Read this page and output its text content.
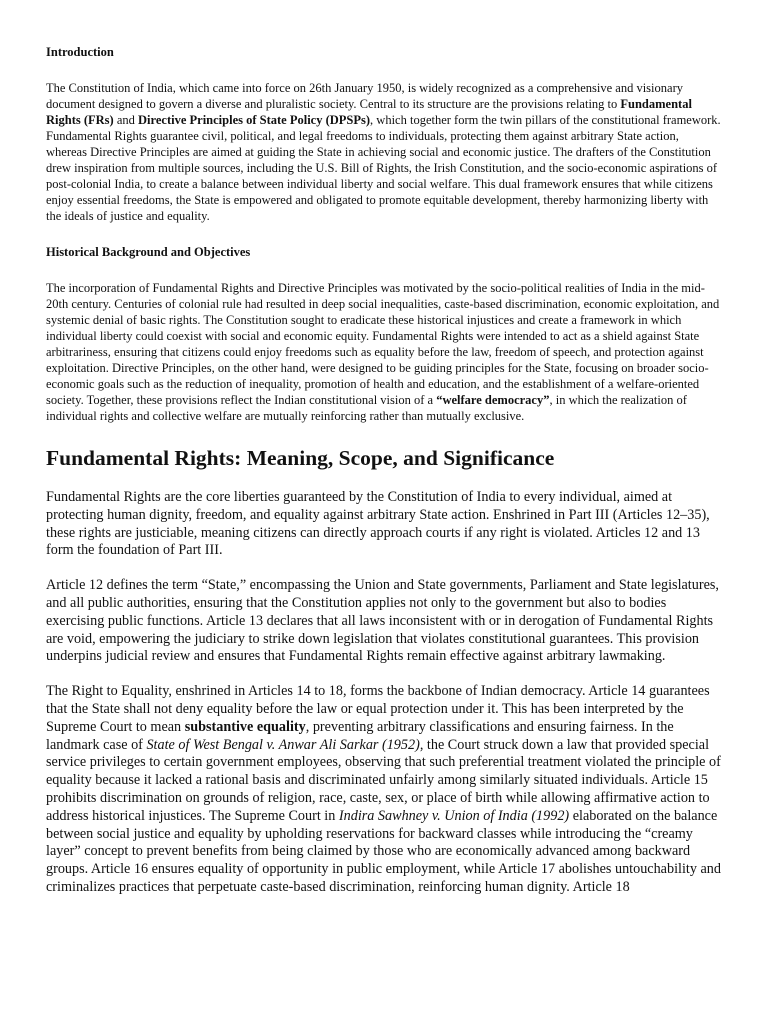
Introduction

The Constitution of India, which came into force on 26th January 1950, is widely recognized as a comprehensive and visionary document designed to govern a diverse and pluralistic society. Central to its structure are the provisions relating to Fundamental Rights (FRs) and Directive Principles of State Policy (DPSPs), which together form the twin pillars of the constitutional framework. Fundamental Rights guarantee civil, political, and legal freedoms to individuals, protecting them against arbitrary State action, whereas Directive Principles are aimed at guiding the State in achieving social and economic justice. The drafters of the Constitution drew inspiration from multiple sources, including the U.S. Bill of Rights, the Irish Constitution, and the socio-economic aspirations of post-colonial India, to create a balance between individual liberty and social welfare. This dual framework ensures that while citizens enjoy essential freedoms, the State is empowered and obligated to promote equitable development, thereby harmonizing liberty with the ideals of justice and equality.

Historical Background and Objectives

The incorporation of Fundamental Rights and Directive Principles was motivated by the socio-political realities of India in the mid-20th century. Centuries of colonial rule had resulted in deep social inequalities, caste-based discrimination, economic exploitation, and systemic denial of basic rights. The Constitution sought to eradicate these historical injustices and create a framework in which individual liberty could coexist with social and economic equity. Fundamental Rights were intended to act as a shield against State arbitrariness, ensuring that citizens could enjoy freedoms such as equality before the law, freedom of speech, and protection against exploitation. Directive Principles, on the other hand, were designed to be guiding principles for the State, focusing on broader socio-economic goals such as the reduction of inequality, promotion of health and education, and the establishment of a welfare-oriented society. Together, these provisions reflect the Indian constitutional vision of a “welfare democracy”, in which the realization of individual rights and collective welfare are mutually reinforcing rather than mutually exclusive.

Fundamental Rights: Meaning, Scope, and Significance

Fundamental Rights are the core liberties guaranteed by the Constitution of India to every individual, aimed at protecting human dignity, freedom, and equality against arbitrary State action. Enshrined in Part III (Articles 12–35), these rights are justiciable, meaning citizens can directly approach courts if any right is violated. Articles 12 and 13 form the foundation of Part III.

Article 12 defines the term “State,” encompassing the Union and State governments, Parliament and State legislatures, and all public authorities, ensuring that the Constitution applies not only to the government but also to bodies exercising public functions. Article 13 declares that all laws inconsistent with or in derogation of Fundamental Rights are void, empowering the judiciary to strike down legislation that violates constitutional guarantees. This provision underpins judicial review and ensures that Fundamental Rights remain effective against arbitrary lawmaking.

The Right to Equality, enshrined in Articles 14 to 18, forms the backbone of Indian democracy. Article 14 guarantees that the State shall not deny equality before the law or equal protection under it. This has been interpreted by the Supreme Court to mean substantive equality, preventing arbitrary classifications and ensuring fairness. In the landmark case of State of West Bengal v. Anwar Ali Sarkar (1952), the Court struck down a law that provided special service privileges to certain government employees, observing that such preferential treatment violated the principle of equality because it lacked a rational basis and discriminated unfairly among similarly situated individuals. Article 15 prohibits discrimination on grounds of religion, race, caste, sex, or place of birth while allowing affirmative action to address historical injustices. The Supreme Court in Indira Sawhney v. Union of India (1992) elaborated on the balance between social justice and equality by upholding reservations for backward classes while introducing the “creamy layer” concept to prevent benefits from being claimed by those who are economically advanced among backward groups. Article 16 ensures equality of opportunity in public employment, while Article 17 abolishes untouchability and criminalizes practices that perpetuate caste-based discrimination, reinforcing human dignity. Article 18
